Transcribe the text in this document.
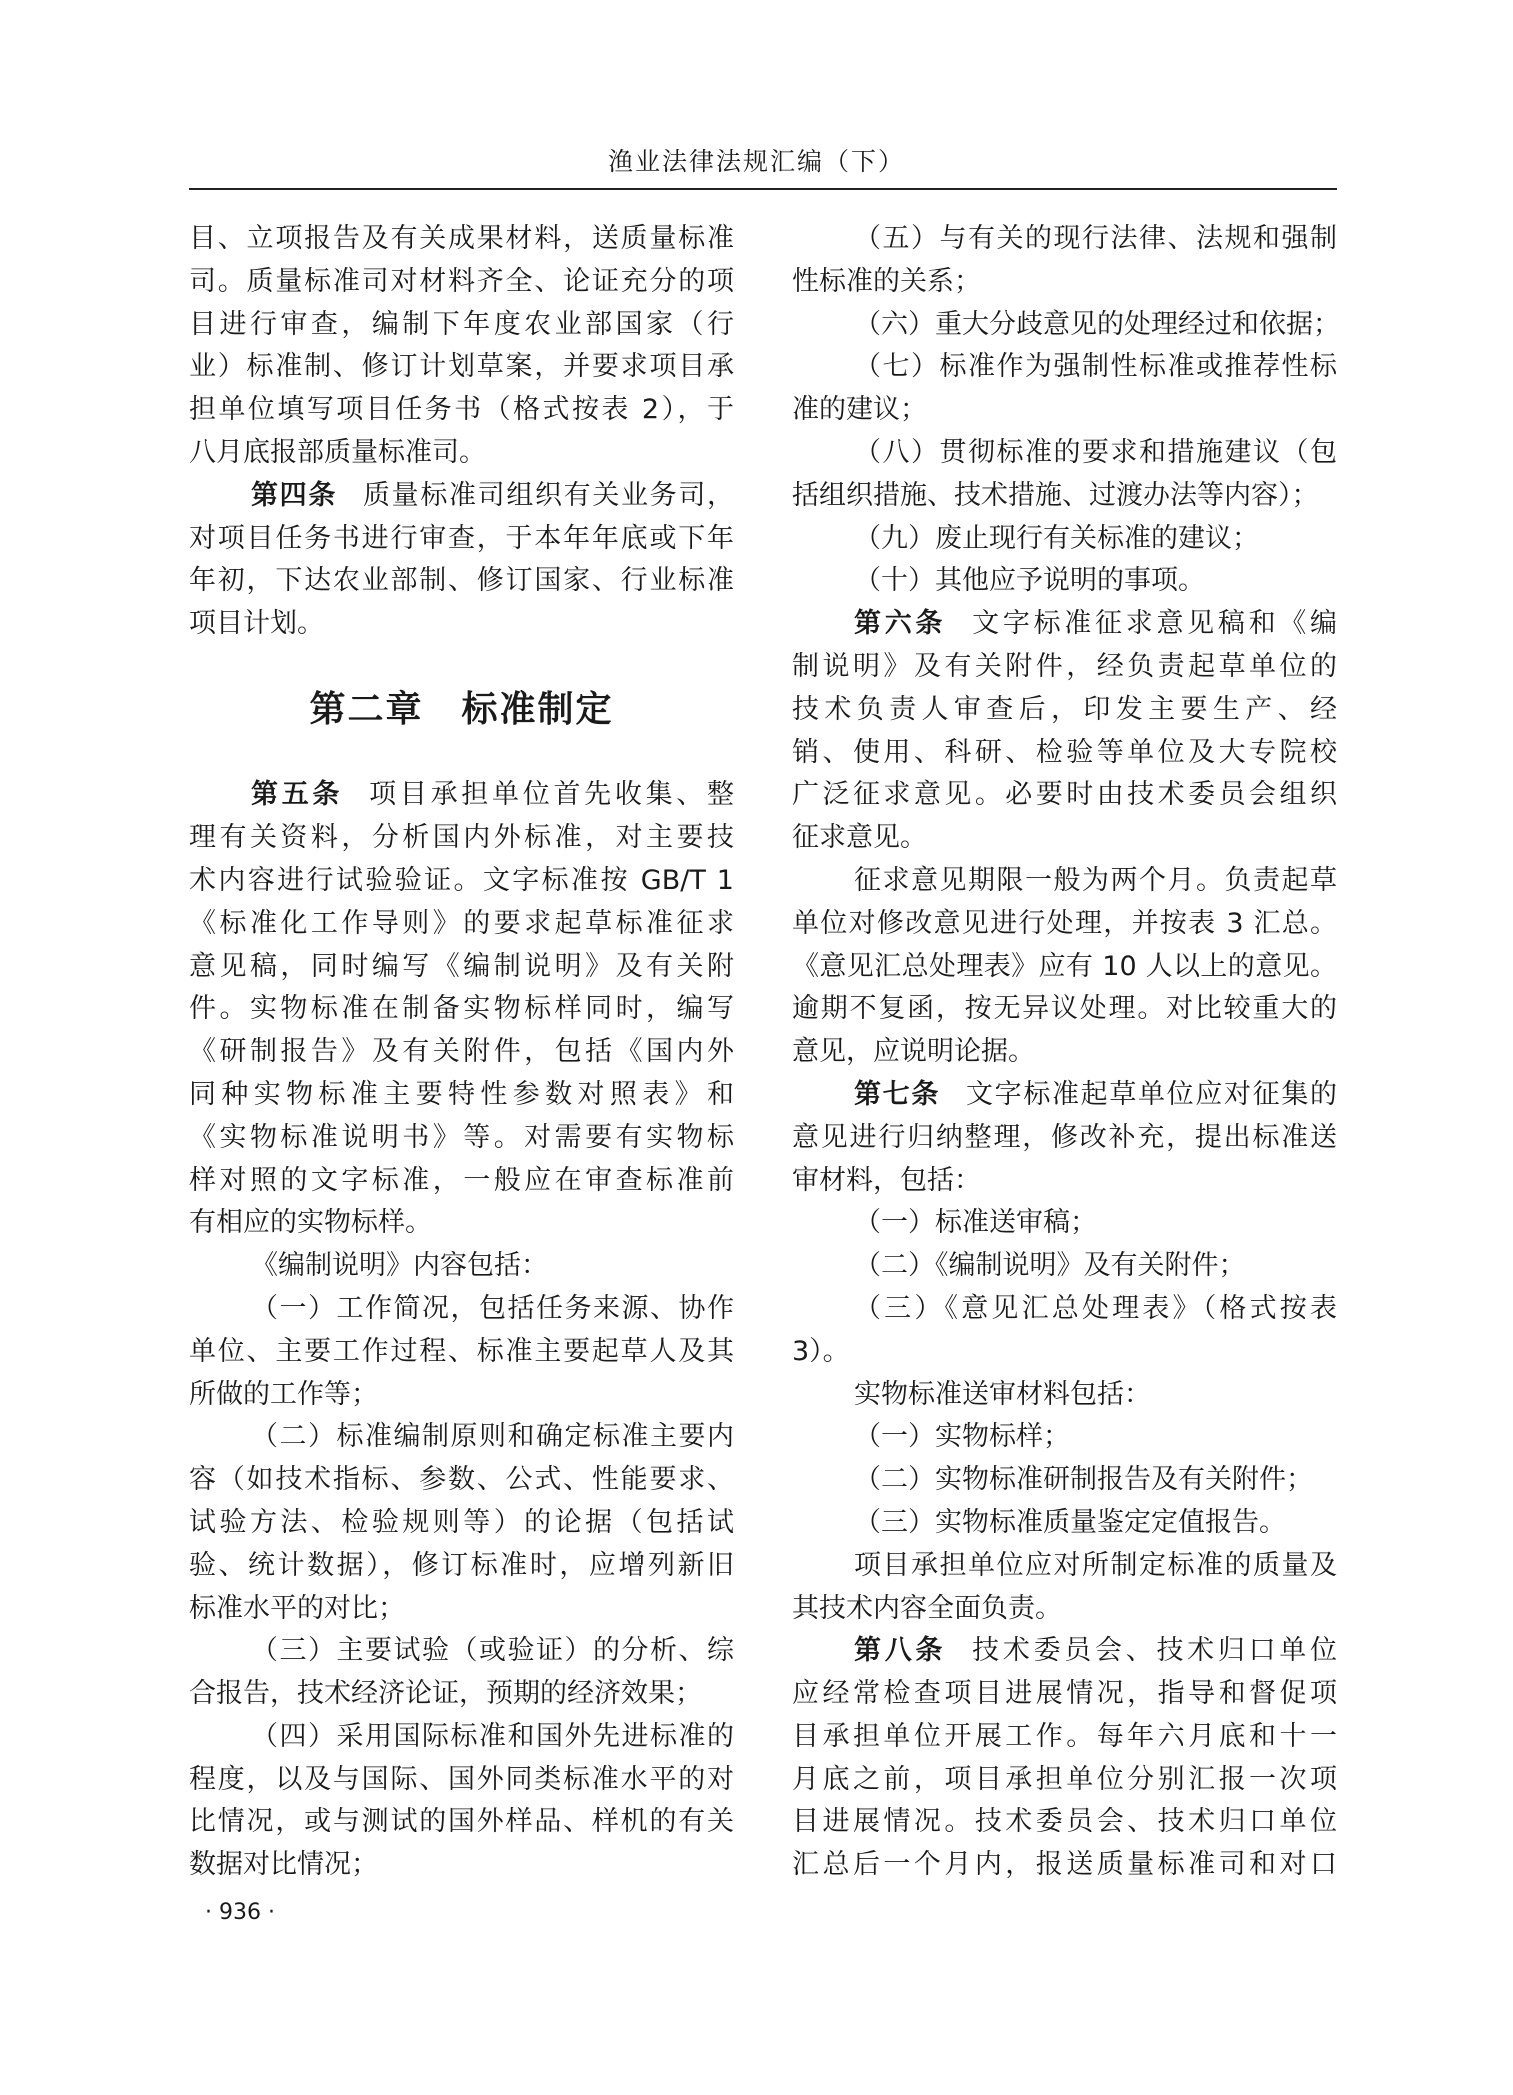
渔业法律法规汇编（下）
目、立项报告及有关成果材料，送质量标准
司。质量标准司对材料齐全、论证充分的项
目进行审查，编制下年度农业部国家（行
业）标准制、修订计划草案，并要求项目承
担单位填写项目任务书（格式按表 2），于
八月底报部质量标准司。
第四条 质量标准司组织有关业务司，
对项目任务书进行审查，于本年年底或下年
年初，下达农业部制、修订国家、行业标准
项目计划。
第二章　标准制定
第五条 项目承担单位首先收集、整
理有关资料，分析国内外标准，对主要技
术内容进行试验验证。文字标准按 GB/T 1
《标准化工作导则》的要求起草标准征求
意见稿，同时编写《编制说明》及有关附
件。实物标准在制备实物标样同时，编写
《研制报告》及有关附件，包括《国内外
同种实物标准主要特性参数对照表》和
《实物标准说明书》等。对需要有实物标
样对照的文字标准，一般应在审查标准前
有相应的实物标样。
《编制说明》内容包括：
（一）工作简况，包括任务来源、协作
单位、主要工作过程、标准主要起草人及其
所做的工作等；
（二）标准编制原则和确定标准主要内
容（如技术指标、参数、公式、性能要求、
试验方法、检验规则等）的论据（包括试
验、统计数据），修订标准时，应增列新旧
标准水平的对比；
（三）主要试验（或验证）的分析、综
合报告，技术经济论证，预期的经济效果；
（四）采用国际标准和国外先进标准的
程度，以及与国际、国外同类标准水平的对
比情况，或与测试的国外样品、样机的有关
数据对比情况；
（五）与有关的现行法律、法规和强制
性标准的关系；
（六）重大分歧意见的处理经过和依据；
（七）标准作为强制性标准或推荐性标
准的建议；
（八）贯彻标准的要求和措施建议（包
括组织措施、技术措施、过渡办法等内容）；
（九）废止现行有关标准的建议；
（十）其他应予说明的事项。
第六条 文字标准征求意见稿和《编
制说明》及有关附件，经负责起草单位的
技术负责人审查后，印发主要生产、经
销、使用、科研、检验等单位及大专院校
广泛征求意见。必要时由技术委员会组织
征求意见。
征求意见期限一般为两个月。负责起草
单位对修改意见进行处理，并按表 3 汇总。
《意见汇总处理表》应有 10 人以上的意见。
逾期不复函，按无异议处理。对比较重大的
意见，应说明论据。
第七条 文字标准起草单位应对征集的
意见进行归纳整理，修改补充，提出标准送
审材料，包括：
（一）标准送审稿；
（二）《编制说明》及有关附件；
（三）《意见汇总处理表》（格式按表
3）。
实物标准送审材料包括：
（一）实物标样；
（二）实物标准研制报告及有关附件；
（三）实物标准质量鉴定定值报告。
项目承担单位应对所制定标准的质量及
其技术内容全面负责。
第八条 技术委员会、技术归口单位
应经常检查项目进展情况，指导和督促项
目承担单位开展工作。每年六月底和十一
月底之前，项目承担单位分别汇报一次项
目进展情况。技术委员会、技术归口单位
汇总后一个月内，报送质量标准司和对口
· 936 ·
